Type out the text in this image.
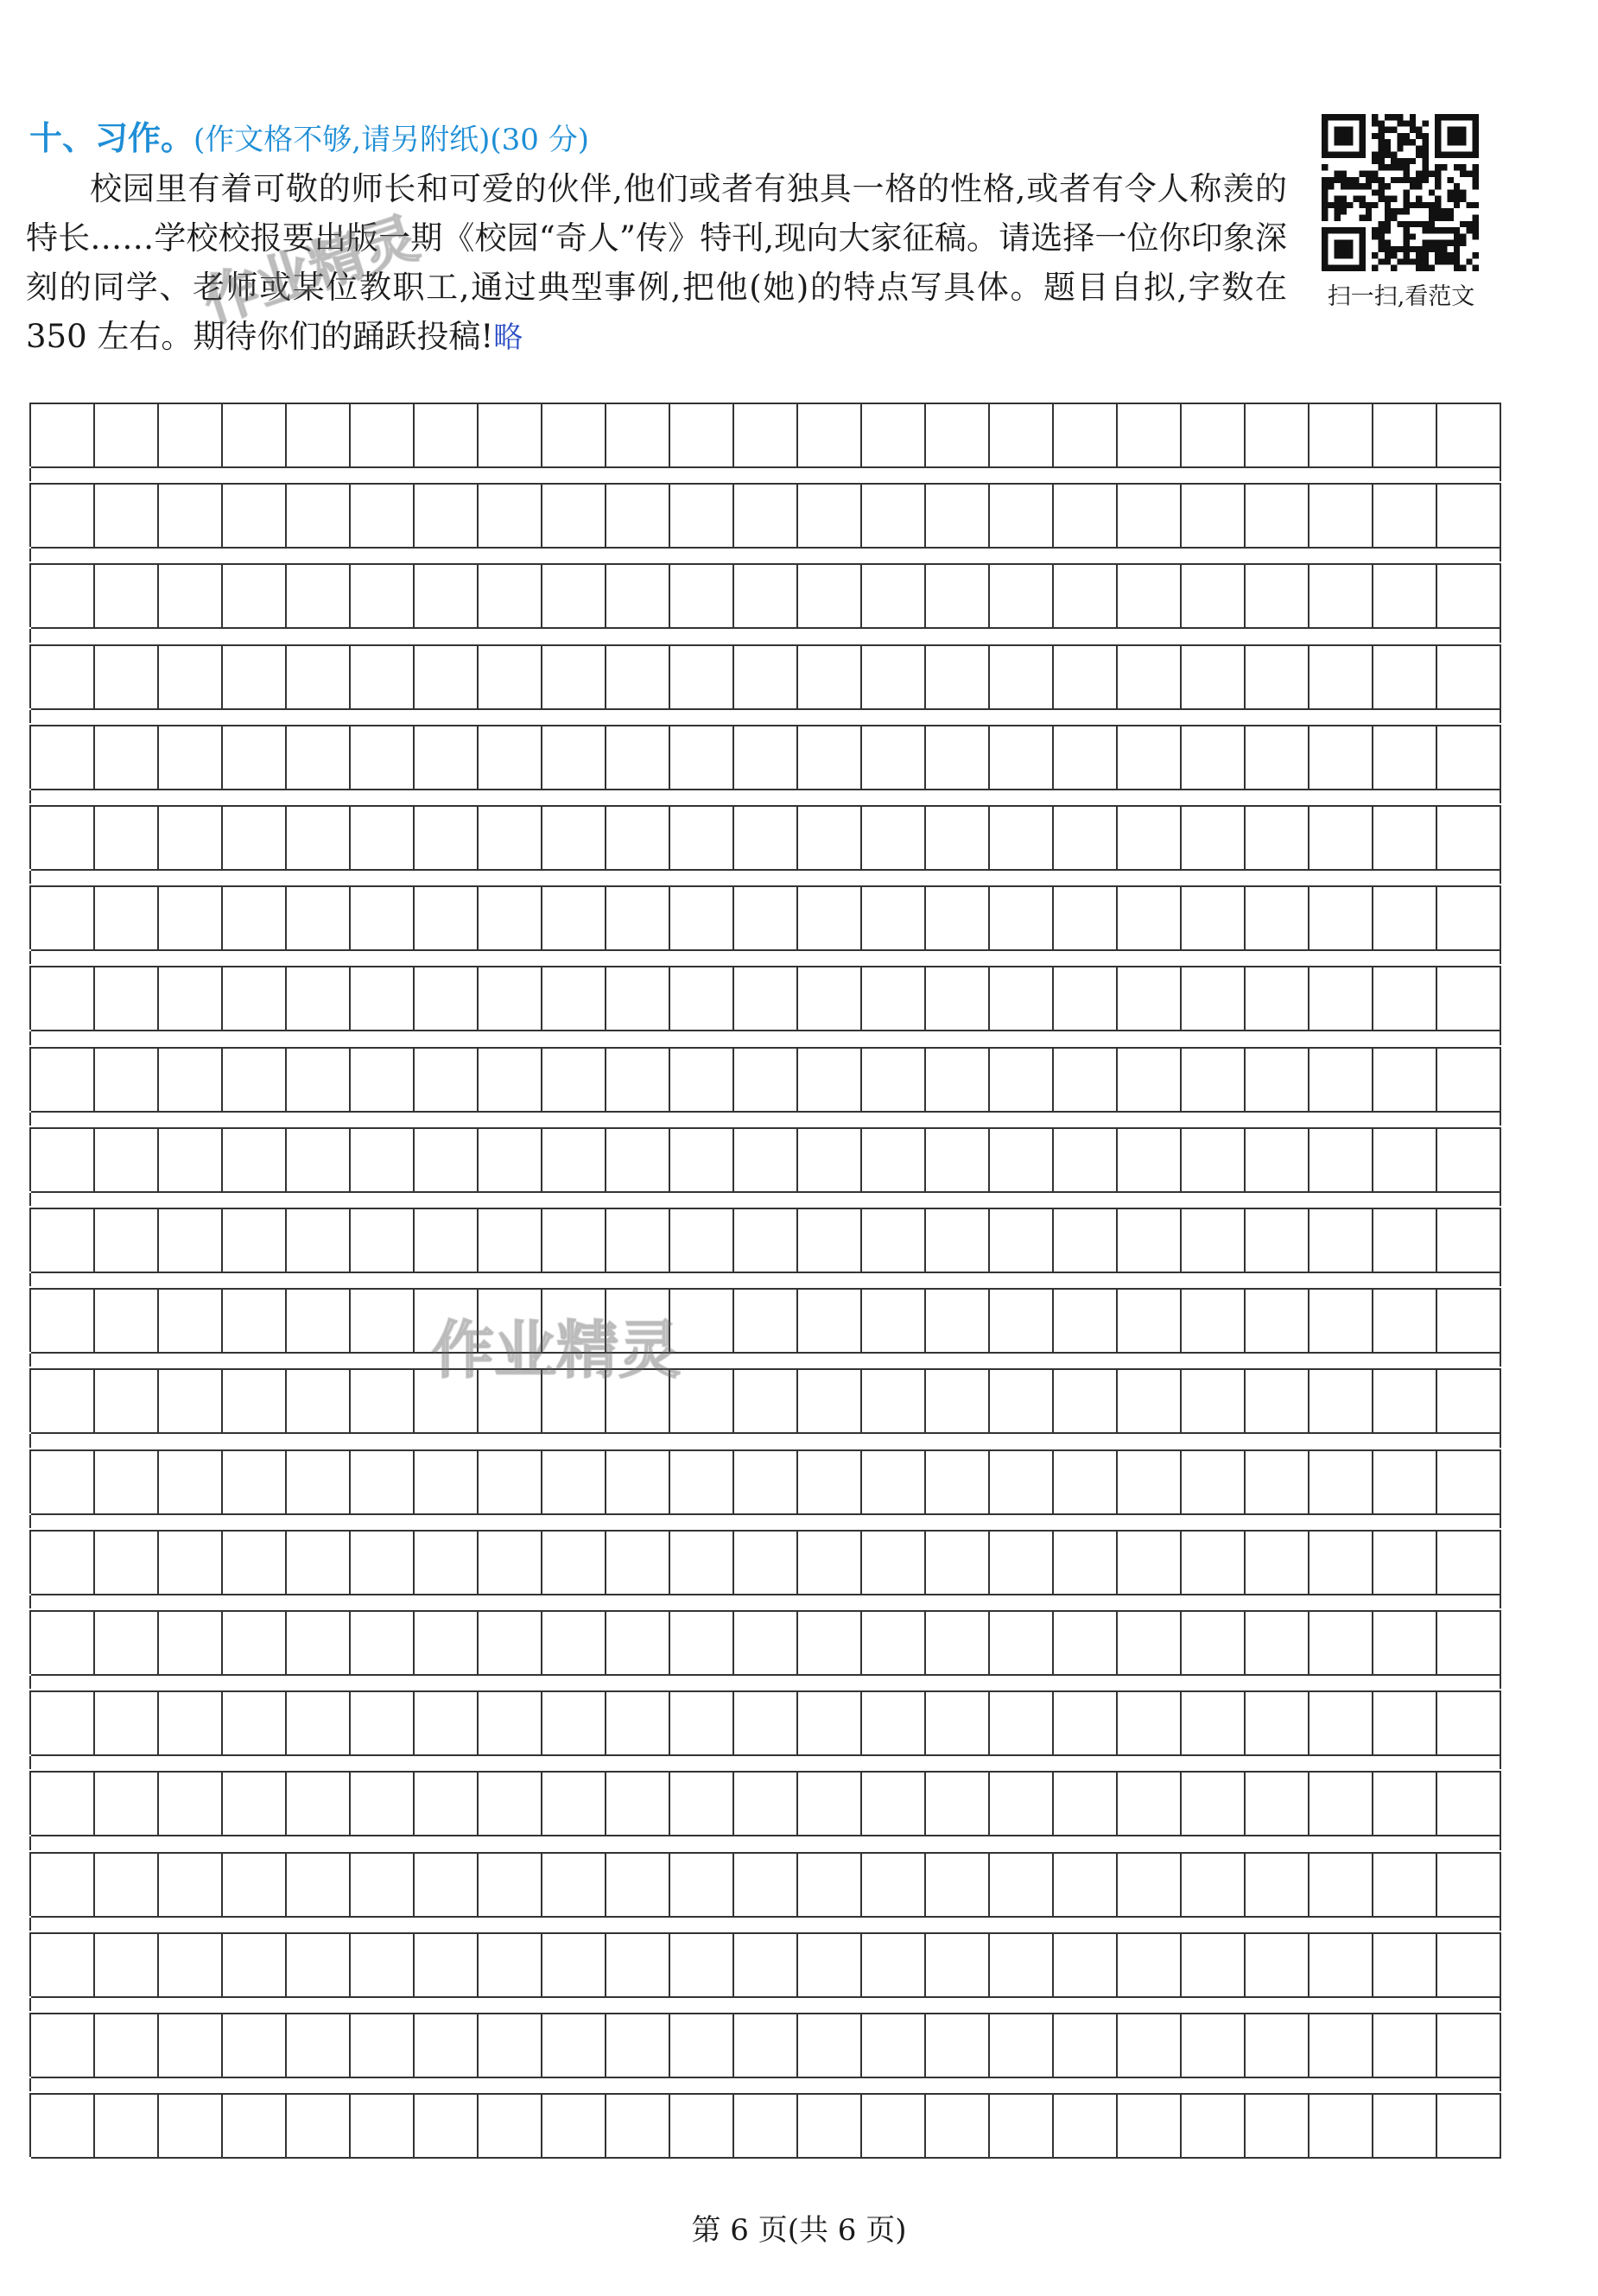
十、习作。(作文格不够,请另附纸)(30 分)

校园里有着可敬的师长和可爱的伙伴,他们或者有独具一格的性格,或者有令人称羡的特长……学校校报要出版一期《校园“奇人”传》特刊,现向大家征稿。请选择一位你印象深刻的同学、老师或某位教职工,通过典型事例,把他(她)的特点写具体。题目自拟,字数在 350 左右。期待你们的踊跃投稿!略

扫一扫,看范文
作业精灵
作业精灵
第 6 页(共 6 页)
